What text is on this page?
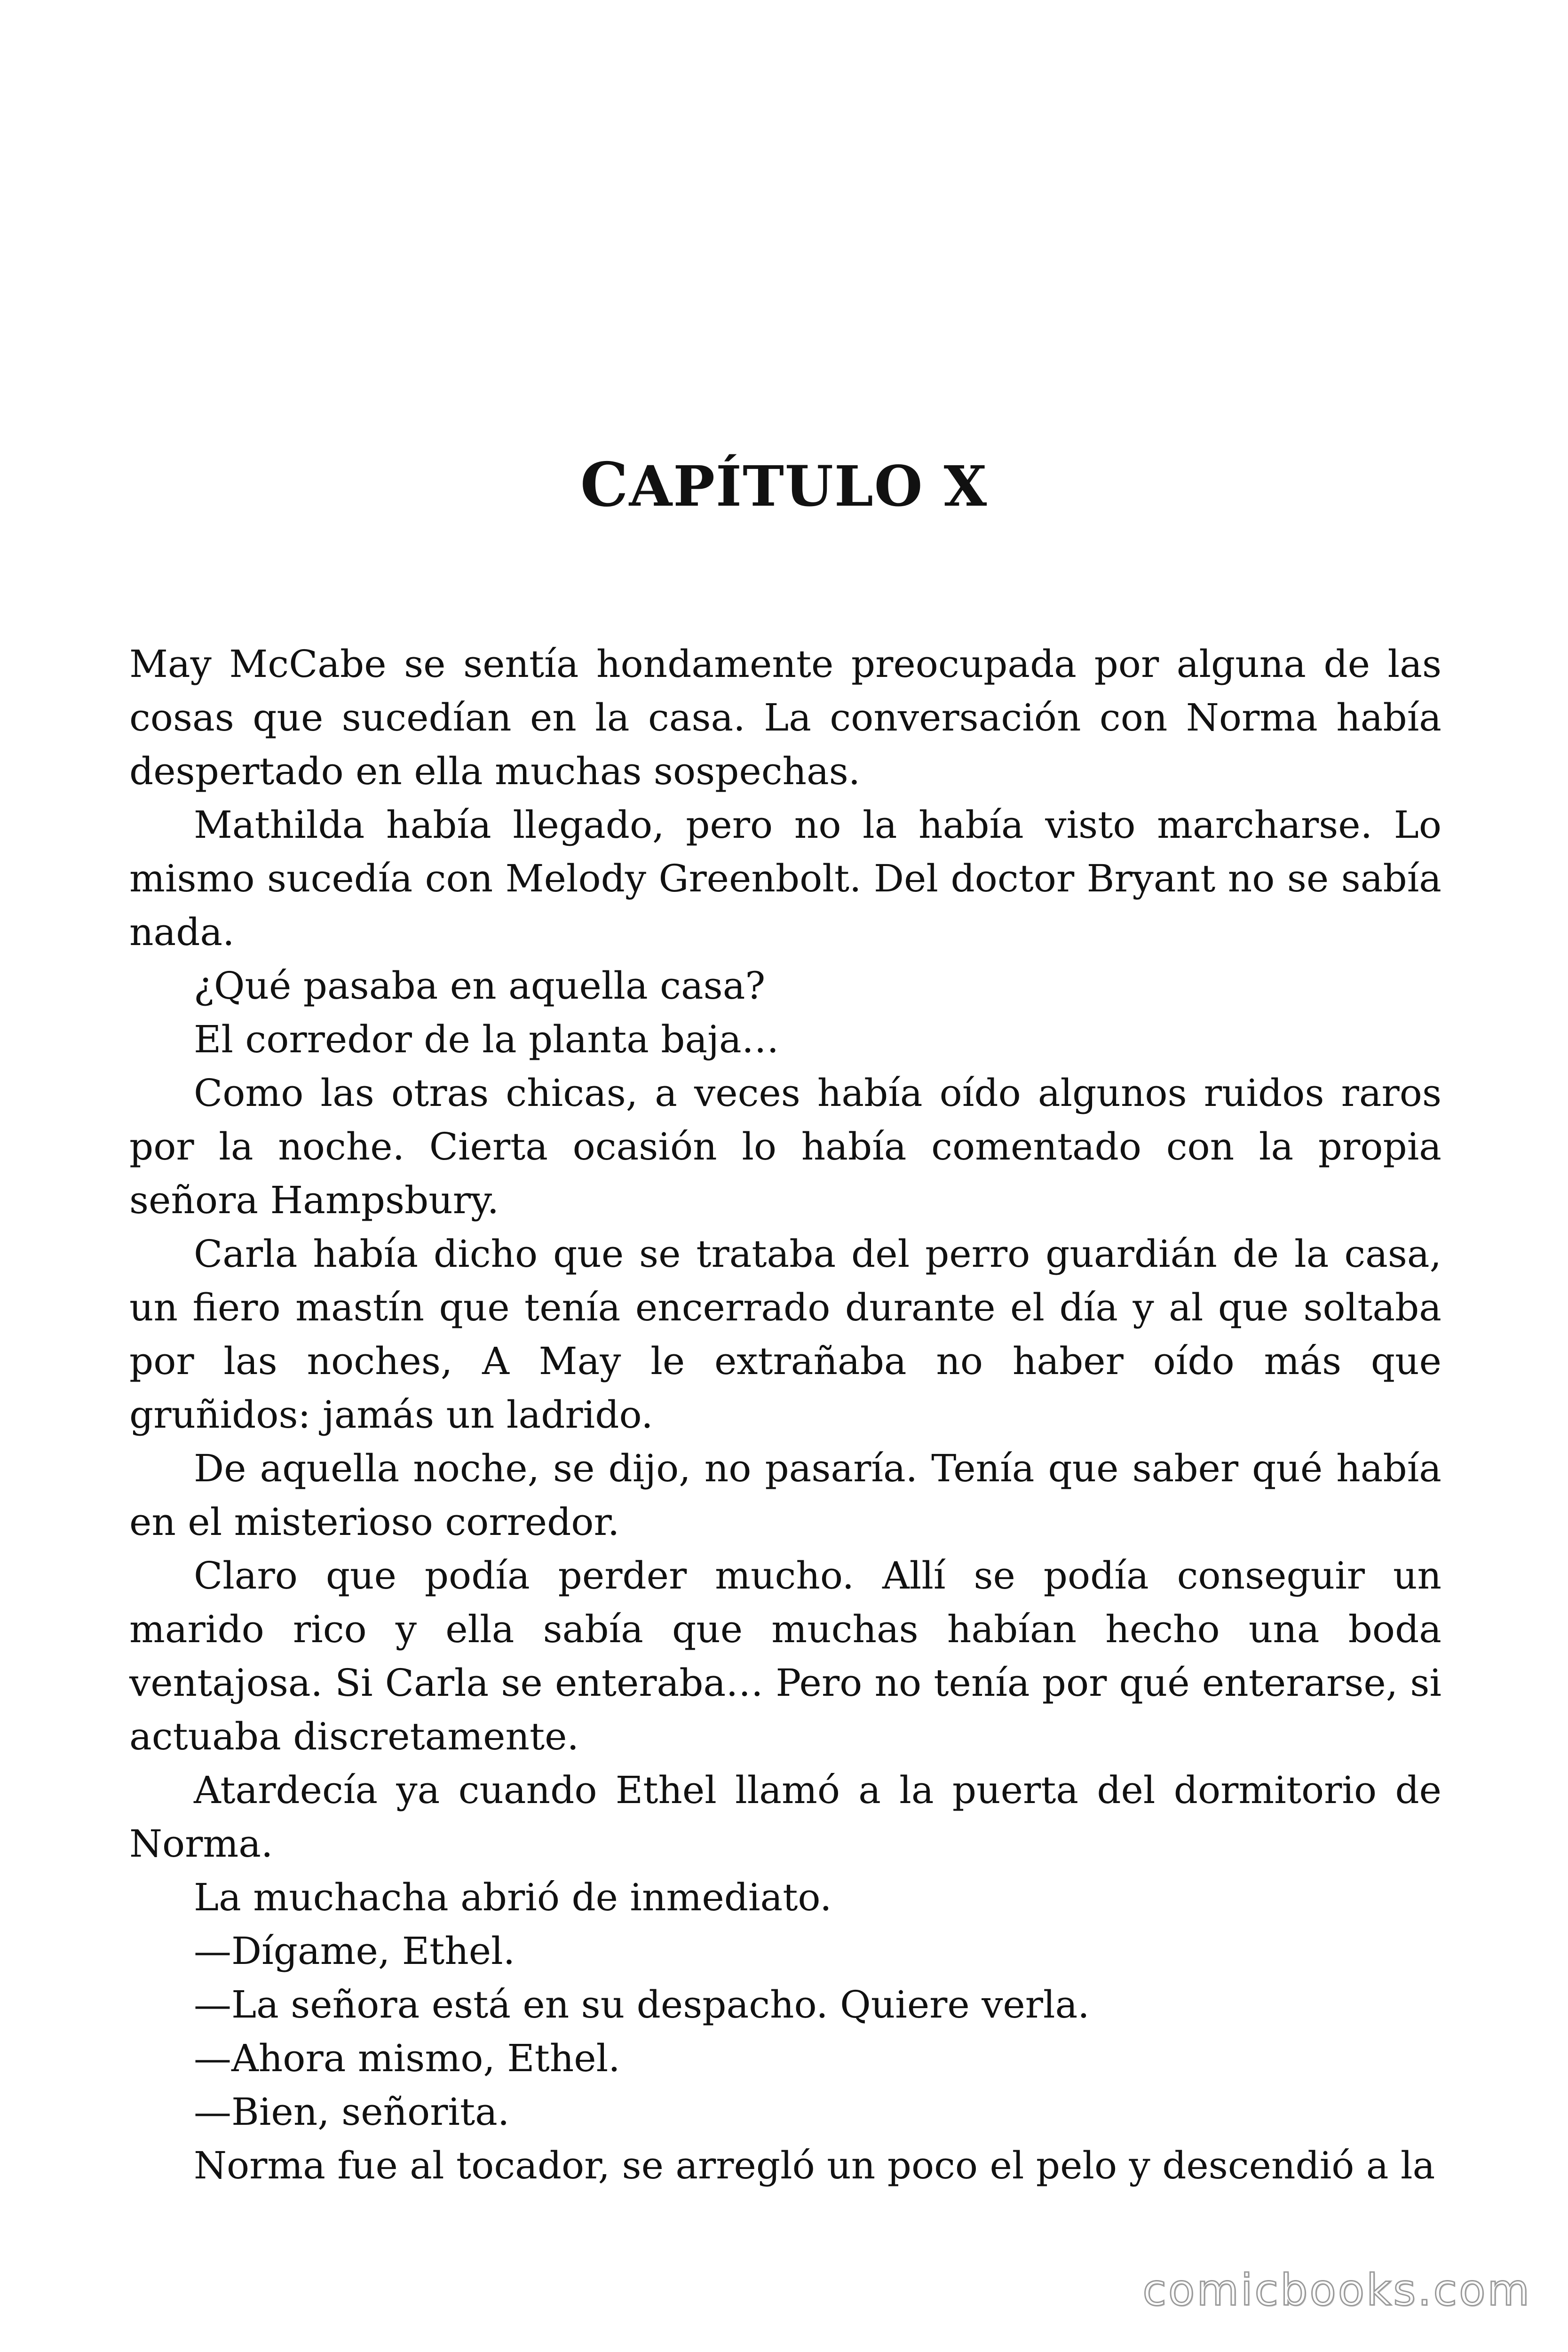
CAPÍTULO X

May McCabe se sentía hondamente preocupada por alguna de las cosas que sucedían en la casa. La conversación con Norma había despertado en ella muchas sospechas.

Mathilda había llegado, pero no la había visto marcharse. Lo mismo sucedía con Melody Greenbolt. Del doctor Bryant no se sabía nada.

¿Qué pasaba en aquella casa?

El corredor de la planta baja…

Como las otras chicas, a veces había oído algunos ruidos raros por la noche. Cierta ocasión lo había comentado con la propia señora Hampsbury.

Carla había dicho que se trataba del perro guardián de la casa, un fiero mastín que tenía encerrado durante el día y al que soltaba por las noches, A May le extrañaba no haber oído más que gruñidos: jamás un ladrido.

De aquella noche, se dijo, no pasaría. Tenía que saber qué había en el misterioso corredor.

Claro que podía perder mucho. Allí se podía conseguir un marido rico y ella sabía que muchas habían hecho una boda ventajosa. Si Carla se enteraba… Pero no tenía por qué enterarse, si actuaba discretamente.

Atardecía ya cuando Ethel llamó a la puerta del dormitorio de Norma.

La muchacha abrió de inmediato.

—Dígame, Ethel.

—La señora está en su despacho. Quiere verla.

—Ahora mismo, Ethel.

—Bien, señorita.

Norma fue al tocador, se arregló un poco el pelo y descendió a la

comicbooks.com
